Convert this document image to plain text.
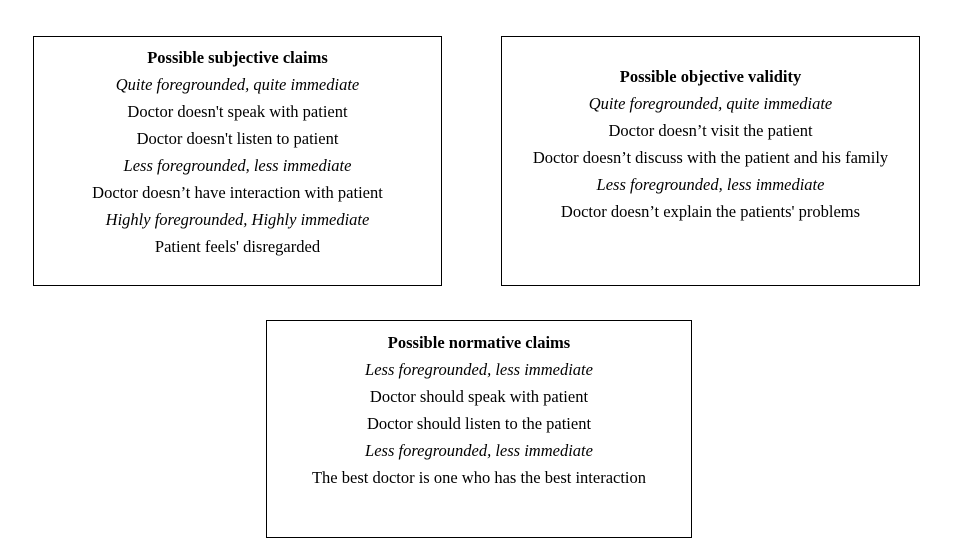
Possible subjective claims
Quite foregrounded, quite immediate
Doctor doesn't speak with patient
Doctor doesn't listen to patient
Less foregrounded, less immediate
Doctor doesn’t have interaction with patient
Highly foregrounded, Highly immediate
Patient feels' disregarded
Possible objective validity
Quite foregrounded, quite immediate
Doctor doesn’t visit the patient
Doctor doesn’t discuss with the patient and his family
Less foregrounded, less immediate
Doctor doesn’t explain the patients' problems
Possible normative claims
Less foregrounded, less immediate
Doctor should speak with patient
Doctor should listen to the patient
Less foregrounded, less immediate
The best doctor is one who has the best interaction
